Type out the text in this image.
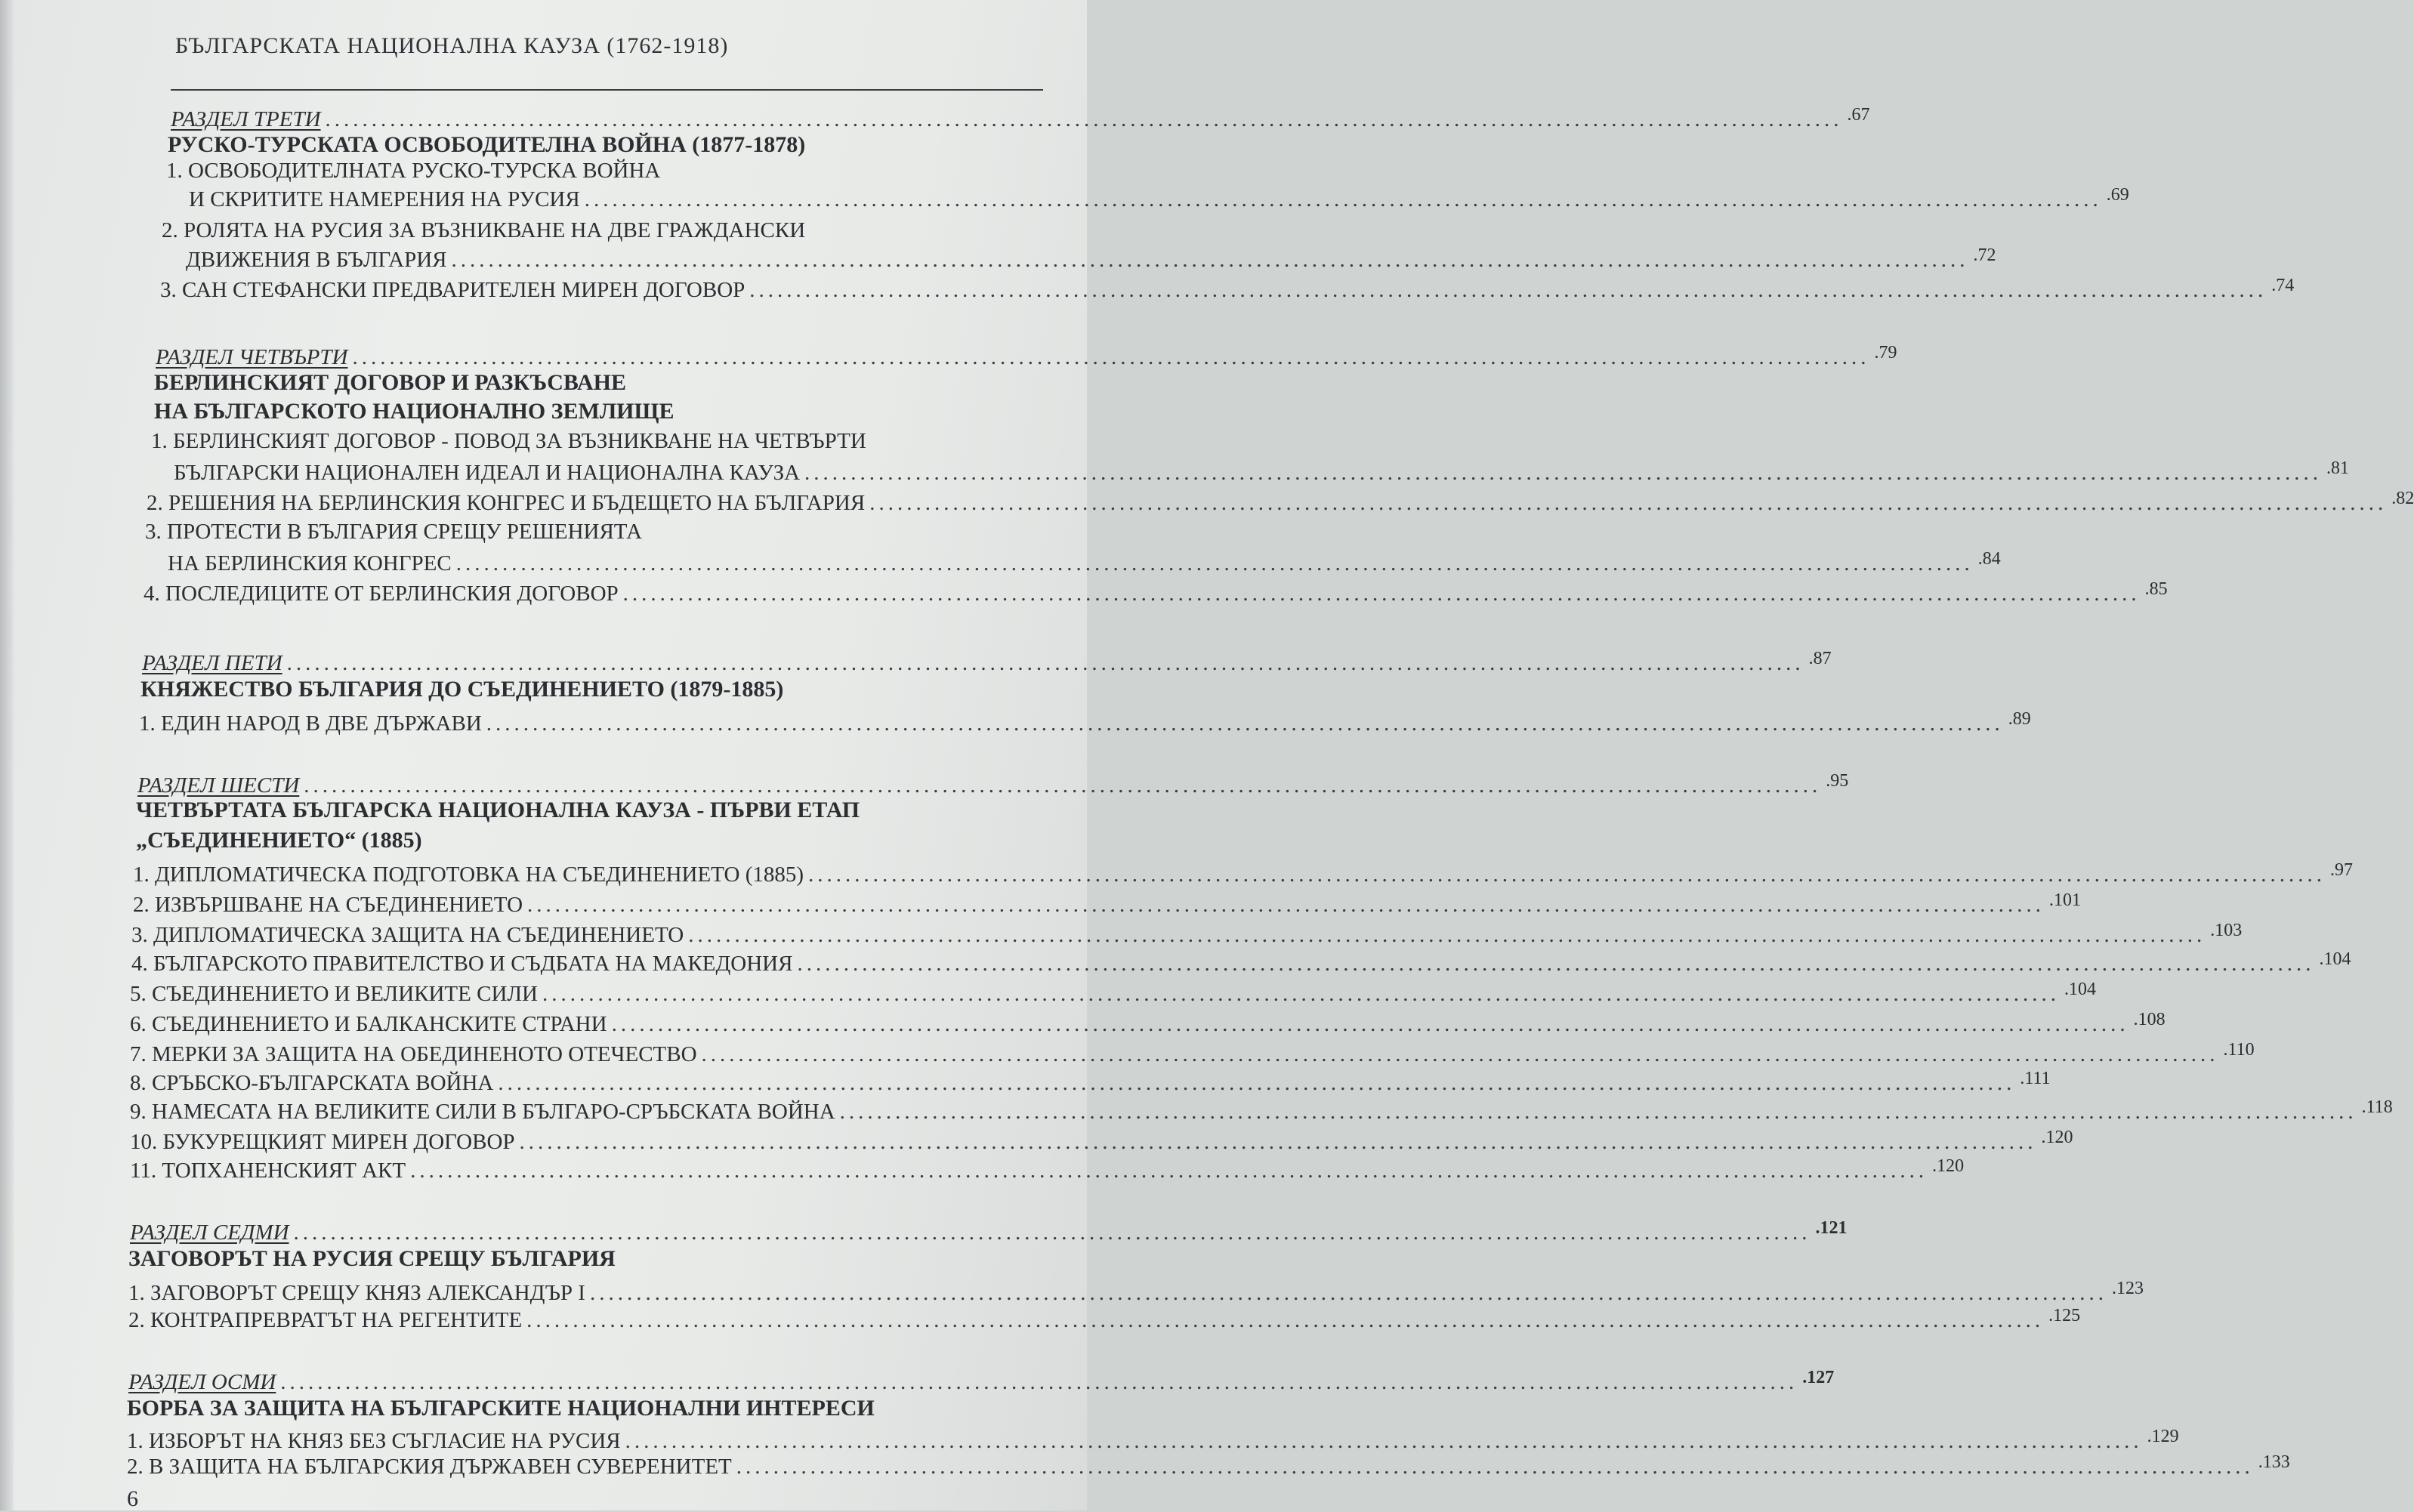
БЪЛГАРСКАТА НАЦИОНАЛНА КАУЗА (1762-1918)
РАЗДЕЛ ТРЕТИ .................................................................................................................................................................... .67
РУСКО-ТУРСКАТА ОСВОБОДИТЕЛНА ВОЙНА (1877-1878)
1. ОСВОБОДИТЕЛНАТА РУСКО-ТУРСКА ВОЙНА
И СКРИТИТЕ НАМЕРЕНИЯ НА РУСИЯ .................................................................................................................................................................... .69
2. РОЛЯТА НА РУСИЯ ЗА ВЪЗНИКВАНЕ НА ДВЕ ГРАЖДАНСКИ
ДВИЖЕНИЯ В БЪЛГАРИЯ .................................................................................................................................................................... .72
3. САН СТЕФАНСКИ ПРЕДВАРИТЕЛЕН МИРЕН ДОГОВОР .................................................................................................................................................................... .74
РАЗДЕЛ ЧЕТВЪРТИ .................................................................................................................................................................... .79
БЕРЛИНСКИЯТ ДОГОВОР И РАЗКЪСВАНЕ
НА БЪЛГАРСКОТО НАЦИОНАЛНО ЗЕМЛИЩЕ
1. БЕРЛИНСКИЯТ ДОГОВОР - ПОВОД ЗА ВЪЗНИКВАНЕ НА ЧЕТВЪРТИ
БЪЛГАРСКИ НАЦИОНАЛЕН ИДЕАЛ И НАЦИОНАЛНА КАУЗА .................................................................................................................................................................... .81
2. РЕШЕНИЯ НА БЕРЛИНСКИЯ КОНГРЕС И БЪДЕЩЕТО НА БЪЛГАРИЯ .................................................................................................................................................................... .82
3. ПРОТЕСТИ В БЪЛГАРИЯ СРЕЩУ РЕШЕНИЯТА
НА БЕРЛИНСКИЯ КОНГРЕС .................................................................................................................................................................... .84
4. ПОСЛЕДИЦИТЕ ОТ БЕРЛИНСКИЯ ДОГОВОР .................................................................................................................................................................... .85
РАЗДЕЛ ПЕТИ .................................................................................................................................................................... .87
КНЯЖЕСТВО БЪЛГАРИЯ ДО СЪЕДИНЕНИЕТО (1879-1885)
1. ЕДИН НАРОД В ДВЕ ДЪРЖАВИ .................................................................................................................................................................... .89
РАЗДЕЛ ШЕСТИ .................................................................................................................................................................... .95
ЧЕТВЪРТАТА БЪЛГАРСКА НАЦИОНАЛНА КАУЗА - ПЪРВИ ЕТАП
„СЪЕДИНЕНИЕТО“ (1885)
1. ДИПЛОМАТИЧЕСКА ПОДГОТОВКА НА СЪЕДИНЕНИЕТО (1885) .................................................................................................................................................................... .97
2. ИЗВЪРШВАНЕ НА СЪЕДИНЕНИЕТО .................................................................................................................................................................... .101
3. ДИПЛОМАТИЧЕСКА ЗАЩИТА НА СЪЕДИНЕНИЕТО .................................................................................................................................................................... .103
4. БЪЛГАРСКОТО ПРАВИТЕЛСТВО И СЪДБАТА НА МАКЕДОНИЯ .................................................................................................................................................................... .104
5. СЪЕДИНЕНИЕТО И ВЕЛИКИТЕ СИЛИ .................................................................................................................................................................... .104
6. СЪЕДИНЕНИЕТО И БАЛКАНСКИТЕ СТРАНИ .................................................................................................................................................................... .108
7. МЕРКИ ЗА ЗАЩИТА НА ОБЕДИНЕНОТО ОТЕЧЕСТВО .................................................................................................................................................................... .110
8. СРЪБСКО-БЪЛГАРСКАТА ВОЙНА .................................................................................................................................................................... .111
9. НАМЕСАТА НА ВЕЛИКИТЕ СИЛИ В БЪЛГАРО-СРЪБСКАТА ВОЙНА .................................................................................................................................................................... .118
10. БУКУРЕЩКИЯТ МИРЕН ДОГОВОР .................................................................................................................................................................... .120
11. ТОПХАНЕНСКИЯТ АКТ .................................................................................................................................................................... .120
РАЗДЕЛ СЕДМИ .................................................................................................................................................................... .121
ЗАГОВОРЪТ НА РУСИЯ СРЕЩУ БЪЛГАРИЯ
1. ЗАГОВОРЪТ СРЕЩУ КНЯЗ АЛЕКСАНДЪР I .................................................................................................................................................................... .123
2. КОНТРАПРЕВРАТЪТ НА РЕГЕНТИТЕ .................................................................................................................................................................... .125
РАЗДЕЛ ОСМИ .................................................................................................................................................................... .127
БОРБА ЗА ЗАЩИТА НА БЪЛГАРСКИТЕ НАЦИОНАЛНИ ИНТЕРЕСИ
1. ИЗБОРЪТ НА КНЯЗ БЕЗ СЪГЛАСИЕ НА РУСИЯ .................................................................................................................................................................... .129
2. В ЗАЩИТА НА БЪЛГАРСКИЯ ДЪРЖАВЕН СУВЕРЕНИТЕТ .................................................................................................................................................................... .133
6
